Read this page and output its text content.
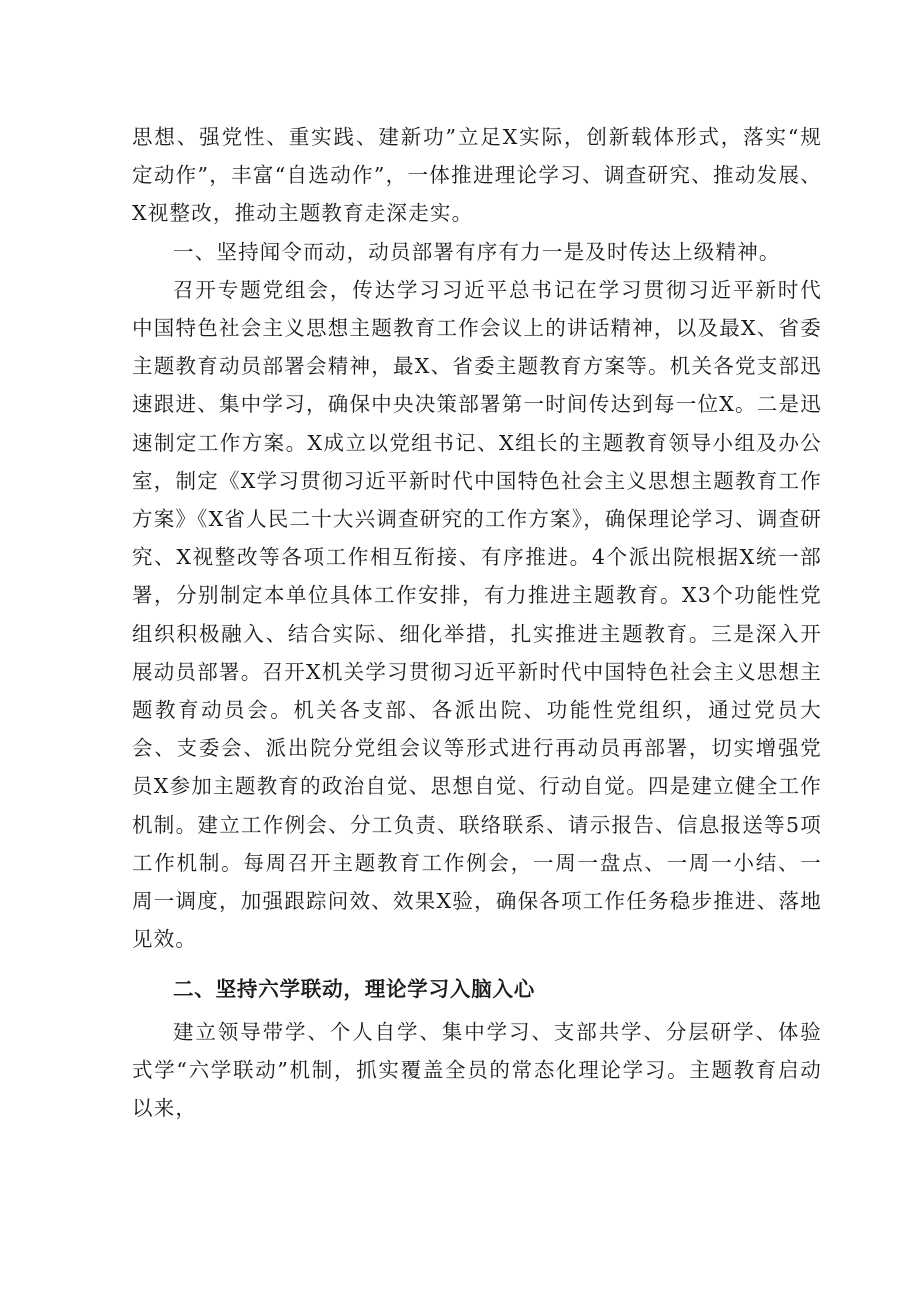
思想、强党性、重实践、建新功”立足X实际，创新载体形式，落实“规定动作”，丰富“自选动作”，一体推进理论学习、调查研究、推动发展、X视整改，推动主题教育走深走实。

一、坚持闻令而动，动员部署有序有力一是及时传达上级精神。

召开专题党组会，传达学习习近平总书记在学习贯彻习近平新时代中国特色社会主义思想主题教育工作会议上的讲话精神，以及最X、省委主题教育动员部署会精神，最X、省委主题教育方案等。机关各党支部迅速跟进、集中学习，确保中央决策部署第一时间传达到每一位X。二是迅速制定工作方案。X成立以党组书记、X组长的主题教育领导小组及办公室，制定《X学习贯彻习近平新时代中国特色社会主义思想主题教育工作方案》《X省人民二十大兴调查研究的工作方案》，确保理论学习、调查研究、X视整改等各项工作相互衔接、有序推进。4个派出院根据X统一部署，分别制定本单位具体工作安排，有力推进主题教育。X3个功能性党组织积极融入、结合实际、细化举措，扎实推进主题教育。三是深入开展动员部署。召开X机关学习贯彻习近平新时代中国特色社会主义思想主题教育动员会。机关各支部、各派出院、功能性党组织，通过党员大会、支委会、派出院分党组会议等形式进行再动员再部署，切实增强党员X参加主题教育的政治自觉、思想自觉、行动自觉。四是建立健全工作机制。建立工作例会、分工负责、联络联系、请示报告、信息报送等5项工作机制。每周召开主题教育工作例会，一周一盘点、一周一小结、一周一调度，加强跟踪问效、效果X验，确保各项工作任务稳步推进、落地见效。

二、坚持六学联动，理论学习入脑入心

建立领导带学、个人自学、集中学习、支部共学、分层研学、体验式学“六学联动”机制，抓实覆盖全员的常态化理论学习。主题教育启动以来，
